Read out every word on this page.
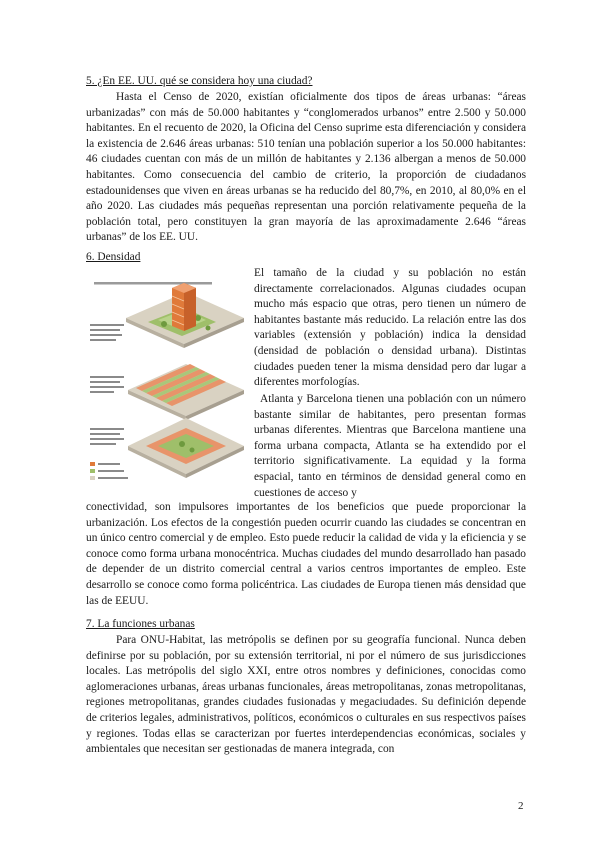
5. ¿En EE. UU. qué se considera hoy una ciudad?

Hasta el Censo de 2020, existían oficialmente dos tipos de áreas urbanas: “áreas urbanizadas” con más de 50.000 habitantes y “conglomerados urbanos” entre 2.500 y 50.000 habitantes. En el recuento de 2020, la Oficina del Censo suprime esta diferenciación y considera la existencia de 2.646 áreas urbanas: 510 tenían una población superior a los 50.000 habitantes: 46 ciudades cuentan con más de un millón de habitantes y 2.136 albergan a menos de 50.000 habitantes. Como consecuencia del cambio de criterio, la proporción de ciudadanos estadounidenses que viven en áreas urbanas se ha reducido del 80,7%, en 2010, al 80,0% en el año 2020. Las ciudades más pequeñas representan una porción relativamente pequeña de la población total, pero constituyen la gran mayoría de las aproximadamente 2.646 “áreas urbanas” de los EE. UU.

6. Densidad

El tamaño de la ciudad y su población no están directamente correlacionados. Algunas ciudades ocupan mucho más espacio que otras, pero tienen un número de habitantes bastante más reducido. La relación entre las dos variables (extensión y población) indica la densidad (densidad de población o densidad urbana). Distintas ciudades pueden tener la misma densidad pero dar lugar a diferentes morfologías.

Atlanta y Barcelona tienen una población con un número bastante similar de habitantes, pero presentan formas urbanas diferentes. Mientras que Barcelona mantiene una forma urbana compacta, Atlanta se ha extendido por el territorio significativamente. La equidad y la forma espacial, tanto en términos de densidad general como en cuestiones de acceso y

conectividad, son impulsores importantes de los beneficios que puede proporcionar la urbanización. Los efectos de la congestión pueden ocurrir cuando las ciudades se concentran en un único centro comercial y de empleo. Esto puede reducir la calidad de vida y la eficiencia y se conoce como forma urbana monocéntrica. Muchas ciudades del mundo desarrollado han pasado de depender de un distrito comercial central a varios centros importantes de empleo. Este desarrollo se conoce como forma policéntrica. Las ciudades de Europa tienen más densidad que las de EEUU.

7. La funciones urbanas

Para ONU-Habitat, las metrópolis se definen por su geografía funcional. Nunca deben definirse por su población, por su extensión territorial, ni por el número de sus jurisdicciones locales. Las metrópolis del siglo XXI, entre otros nombres y definiciones, conocidas como aglomeraciones urbanas, áreas urbanas funcionales, áreas metropolitanas, zonas metropolitanas, regiones metropolitanas, grandes ciudades fusionadas y megaciudades. Su definición depende de criterios legales, administrativos, políticos, económicos o culturales en sus respectivos países y regiones. Todas ellas se caracterizan por fuertes interdependencias económicas, sociales y ambientales que necesitan ser gestionadas de manera integrada, con

2
